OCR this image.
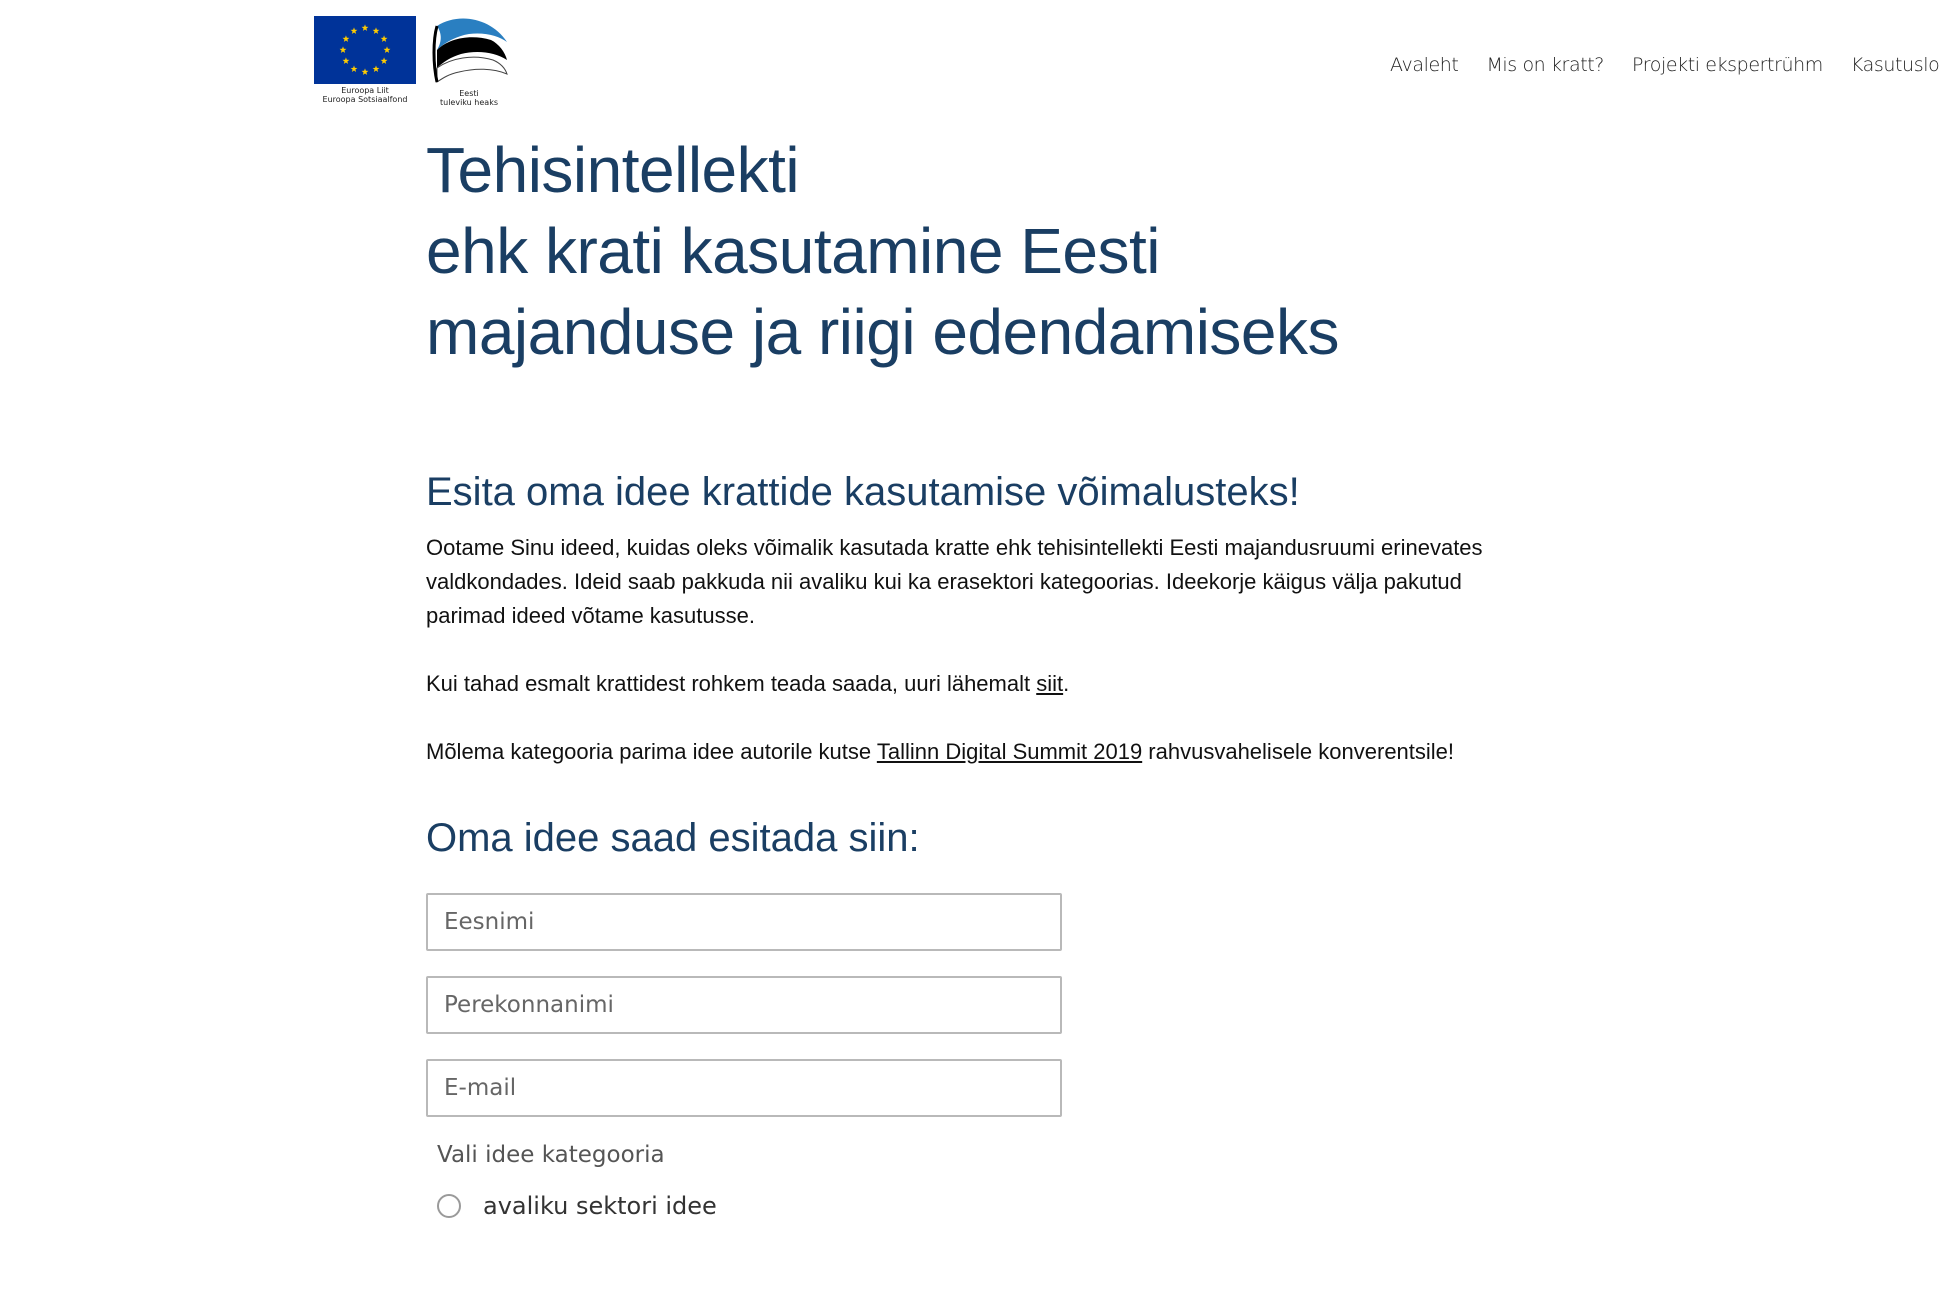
Euroopa Liit
Euroopa Sotsiaalfond
Eesti
tuleviku heaks
Avaleht Mis on kratt? Projekti ekspertrühm Kasutuslo
Tehisintellekti
ehk krati kasutamine Eesti
majanduse ja riigi edendamiseks
Esita oma idee krattide kasutamise võimalusteks!

Ootame Sinu ideed, kuidas oleks võimalik kasutada kratte ehk tehisintellekti Eesti majandusruumi erinevates valdkondades. Ideid saab pakkuda nii avaliku kui ka erasektori kategoorias. Ideekorje käigus välja pakutud parimad ideed võtame kasutusse.

Kui tahad esmalt krattidest rohkem teada saada, uuri lähemalt siit.

Mõlema kategooria parima idee autorile kutse Tallinn Digital Summit 2019 rahvusvahelisele konverentsile!

Oma idee saad esitada siin:
Eesnimi
Perekonnanimi
E-mail
Vali idee kategooria
avaliku sektori idee
